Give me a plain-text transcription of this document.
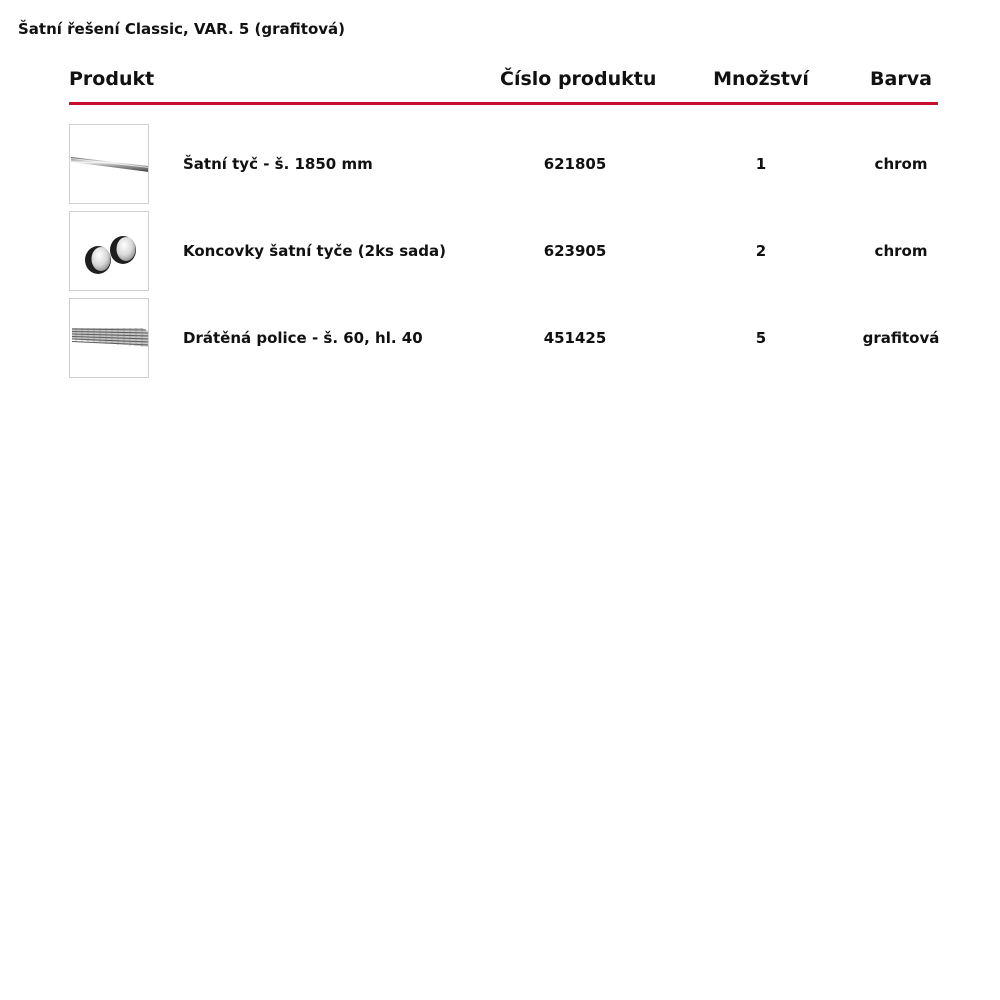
Šatní řešení Classic, VAR. 5 (grafitová)
Produkt	Číslo produktu	Množství	Barva
Šatní tyč - š. 1850 mm	621805	1	chrom
Koncovky šatní tyče (2ks sada)	623905	2	chrom
Drátěná police - š. 60, hl. 40	451425	5	grafitová
